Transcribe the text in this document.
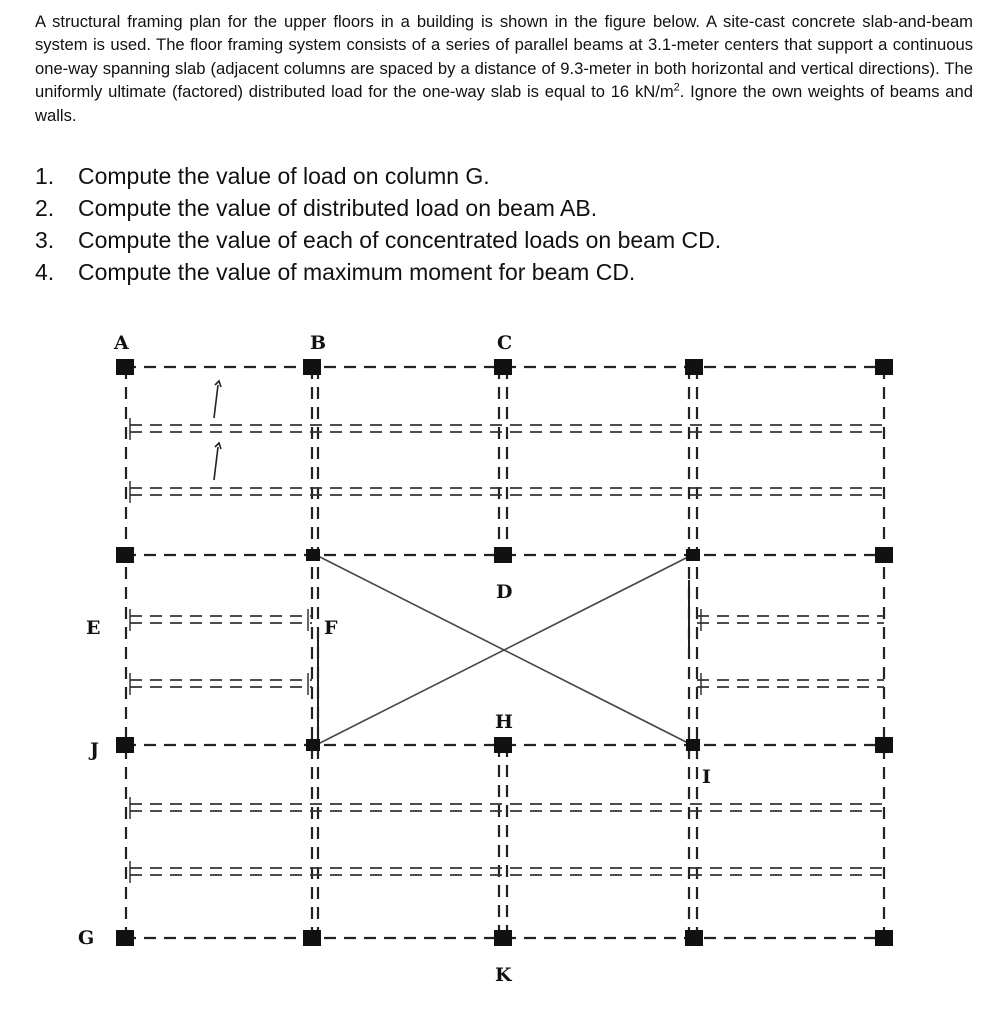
A structural framing plan for the upper floors in a building is shown in the figure below. A site-cast concrete slab-and-beam system is used. The floor framing system consists of a series of parallel beams at 3.1-meter centers that support a continuous one-way spanning slab (adjacent columns are spaced by a distance of 9.3-meter in both horizontal and vertical directions). The uniformly ultimate (factored) distributed load for the one-way slab is equal to 16 $kN/m^2$. Ignore the own weights of beams and walls.
1.	Compute the value of load on column G.
2.	Compute the value of distributed load on beam AB.
3.	Compute the value of each of concentrated loads on beam CD.
4.	Compute the value of maximum moment for beam CD.
A	B	C
D
E	F
H
J
I
G
K
